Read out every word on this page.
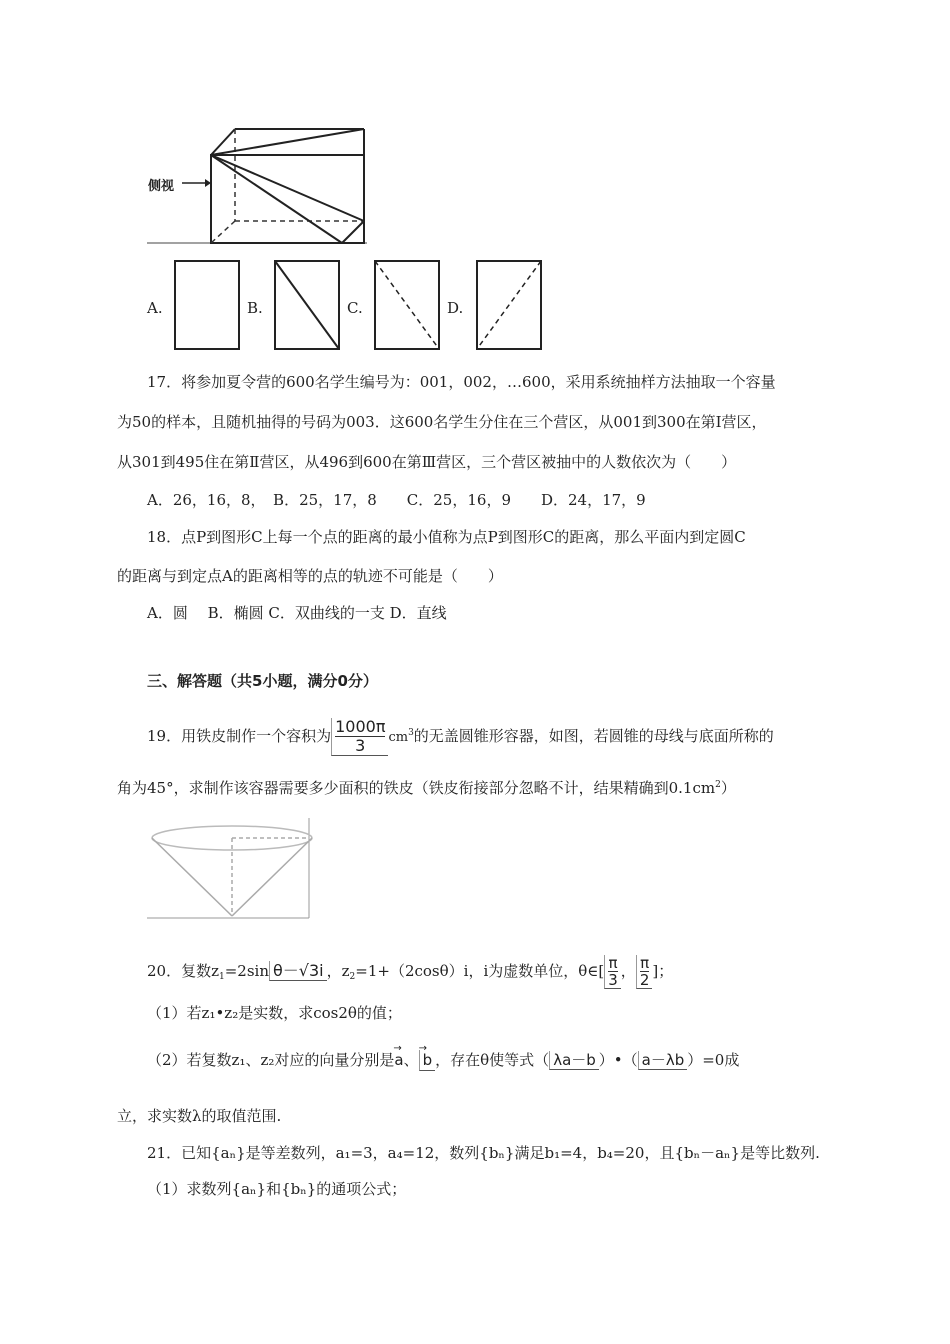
侧视
A.	B.	C.	D.
17．将参加夏令营的600名学生编号为：001，002，…600，采用系统抽样方法抽取一个容量
为50的样本，且随机抽得的号码为003．这600名学生分住在三个营区，从001到300在第Ⅰ营区，
从301到495住在第Ⅱ营区，从496到600在第Ⅲ营区，三个营区被抽中的人数依次为（　　）
A．26，16，8，　B．25，17，8　　C．25，16，9　　D．24，17，9
18．点P到图形C上每一个点的距离的最小值称为点P到图形C的距离，那么平面内到定圆C
的距离与到定点A的距离相等的点的轨迹不可能是（　　）
A．圆　 B．椭圆 C．双曲线的一支 D．直线
三、解答题（共5小题，满分0分）
19．用铁皮制作一个容积为 $\frac{1000\pi}{3} cm^3$的无盖圆锥形容器，如图，若圆锥的母线与底面所称的
角为45°，求制作该容器需要多少面积的铁皮（铁皮衔接部分忽略不计，结果精确到$0.1cm^2$）
20．复数$z_1=2\sin$ θ－√3i ，$z_2=1+(2\cos\theta)i$，i为虚数单位，θ∈[ $\frac{\pi}{3}$ ， $\frac{\pi}{2}$ ]；
（1）若z₁•z₂是实数，求cos2θ的值；
（2）若复数z₁、z₂对应的向量分别是→ a、→ b ，存在θ使等式（ λa－b ）•（ a－λb ）=0成
立，求实数λ的取值范围.
21．已知{aₙ}是等差数列，a₁=3，a₄=12，数列{bₙ}满足b₁=4，b₄=20，且{bₙ－aₙ}是等比数列.
（1）求数列{aₙ}和{bₙ}的通项公式；
